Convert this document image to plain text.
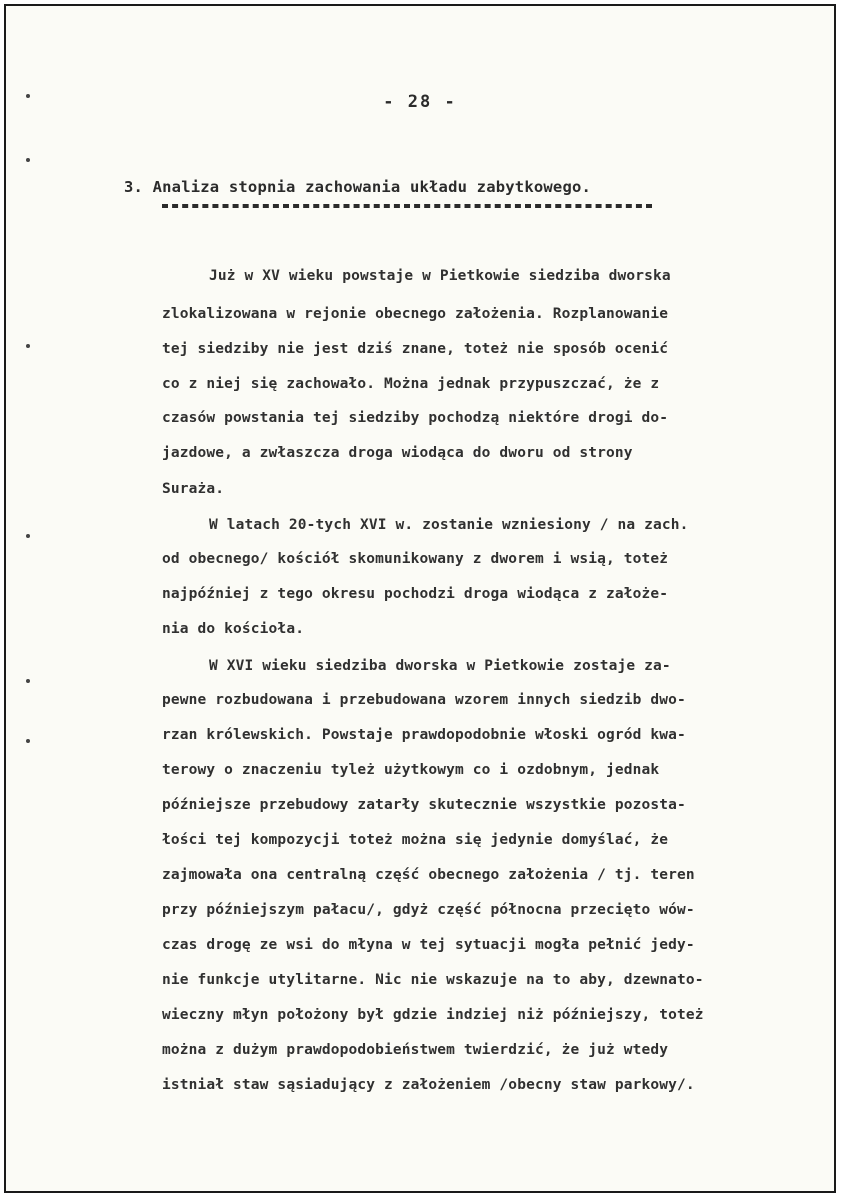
- 28 -
3. Analiza stopnia zachowania układu zabytkowego.
Już w XV wieku powstaje w Pietkowie siedziba dworska
zlokalizowana w rejonie obecnego założenia. Rozplanowanie
tej siedziby nie jest dziś znane, toteż nie sposób ocenić
co z niej się zachowało. Można jednak przypuszczać, że z
czasów powstania tej siedziby pochodzą niektóre drogi do-
jazdowe, a zwłaszcza droga wiodąca do dworu od strony
Suraża.
W latach 20-tych XVI w. zostanie wzniesiony / na zach.
od obecnego/ kościół skomunikowany z dworem i wsią, toteż
najpóźniej z tego okresu pochodzi droga wiodąca z założe-
nia do kościoła.
W XVI wieku siedziba dworska w Pietkowie zostaje za-
pewne rozbudowana i przebudowana wzorem innych siedzib dwo-
rzan królewskich. Powstaje prawdopodobnie włoski ogród kwa-
terowy o znaczeniu tyleż użytkowym co i ozdobnym, jednak
późniejsze przebudowy zatarły skutecznie wszystkie pozosta-
łości tej kompozycji toteż można się jedynie domyślać, że
zajmowała ona centralną część obecnego założenia / tj. teren
przy późniejszym pałacu/, gdyż część północna przecięto wów-
czas drogę ze wsi do młyna w tej sytuacji mogła pełnić jedy-
nie funkcje utylitarne. Nic nie wskazuje na to aby, dzewnato-
wieczny młyn położony był gdzie indziej niż późniejszy, toteż
można z dużym prawdopodobieństwem twierdzić, że już wtedy
istniał staw sąsiadujący z założeniem /obecny staw parkowy/.
